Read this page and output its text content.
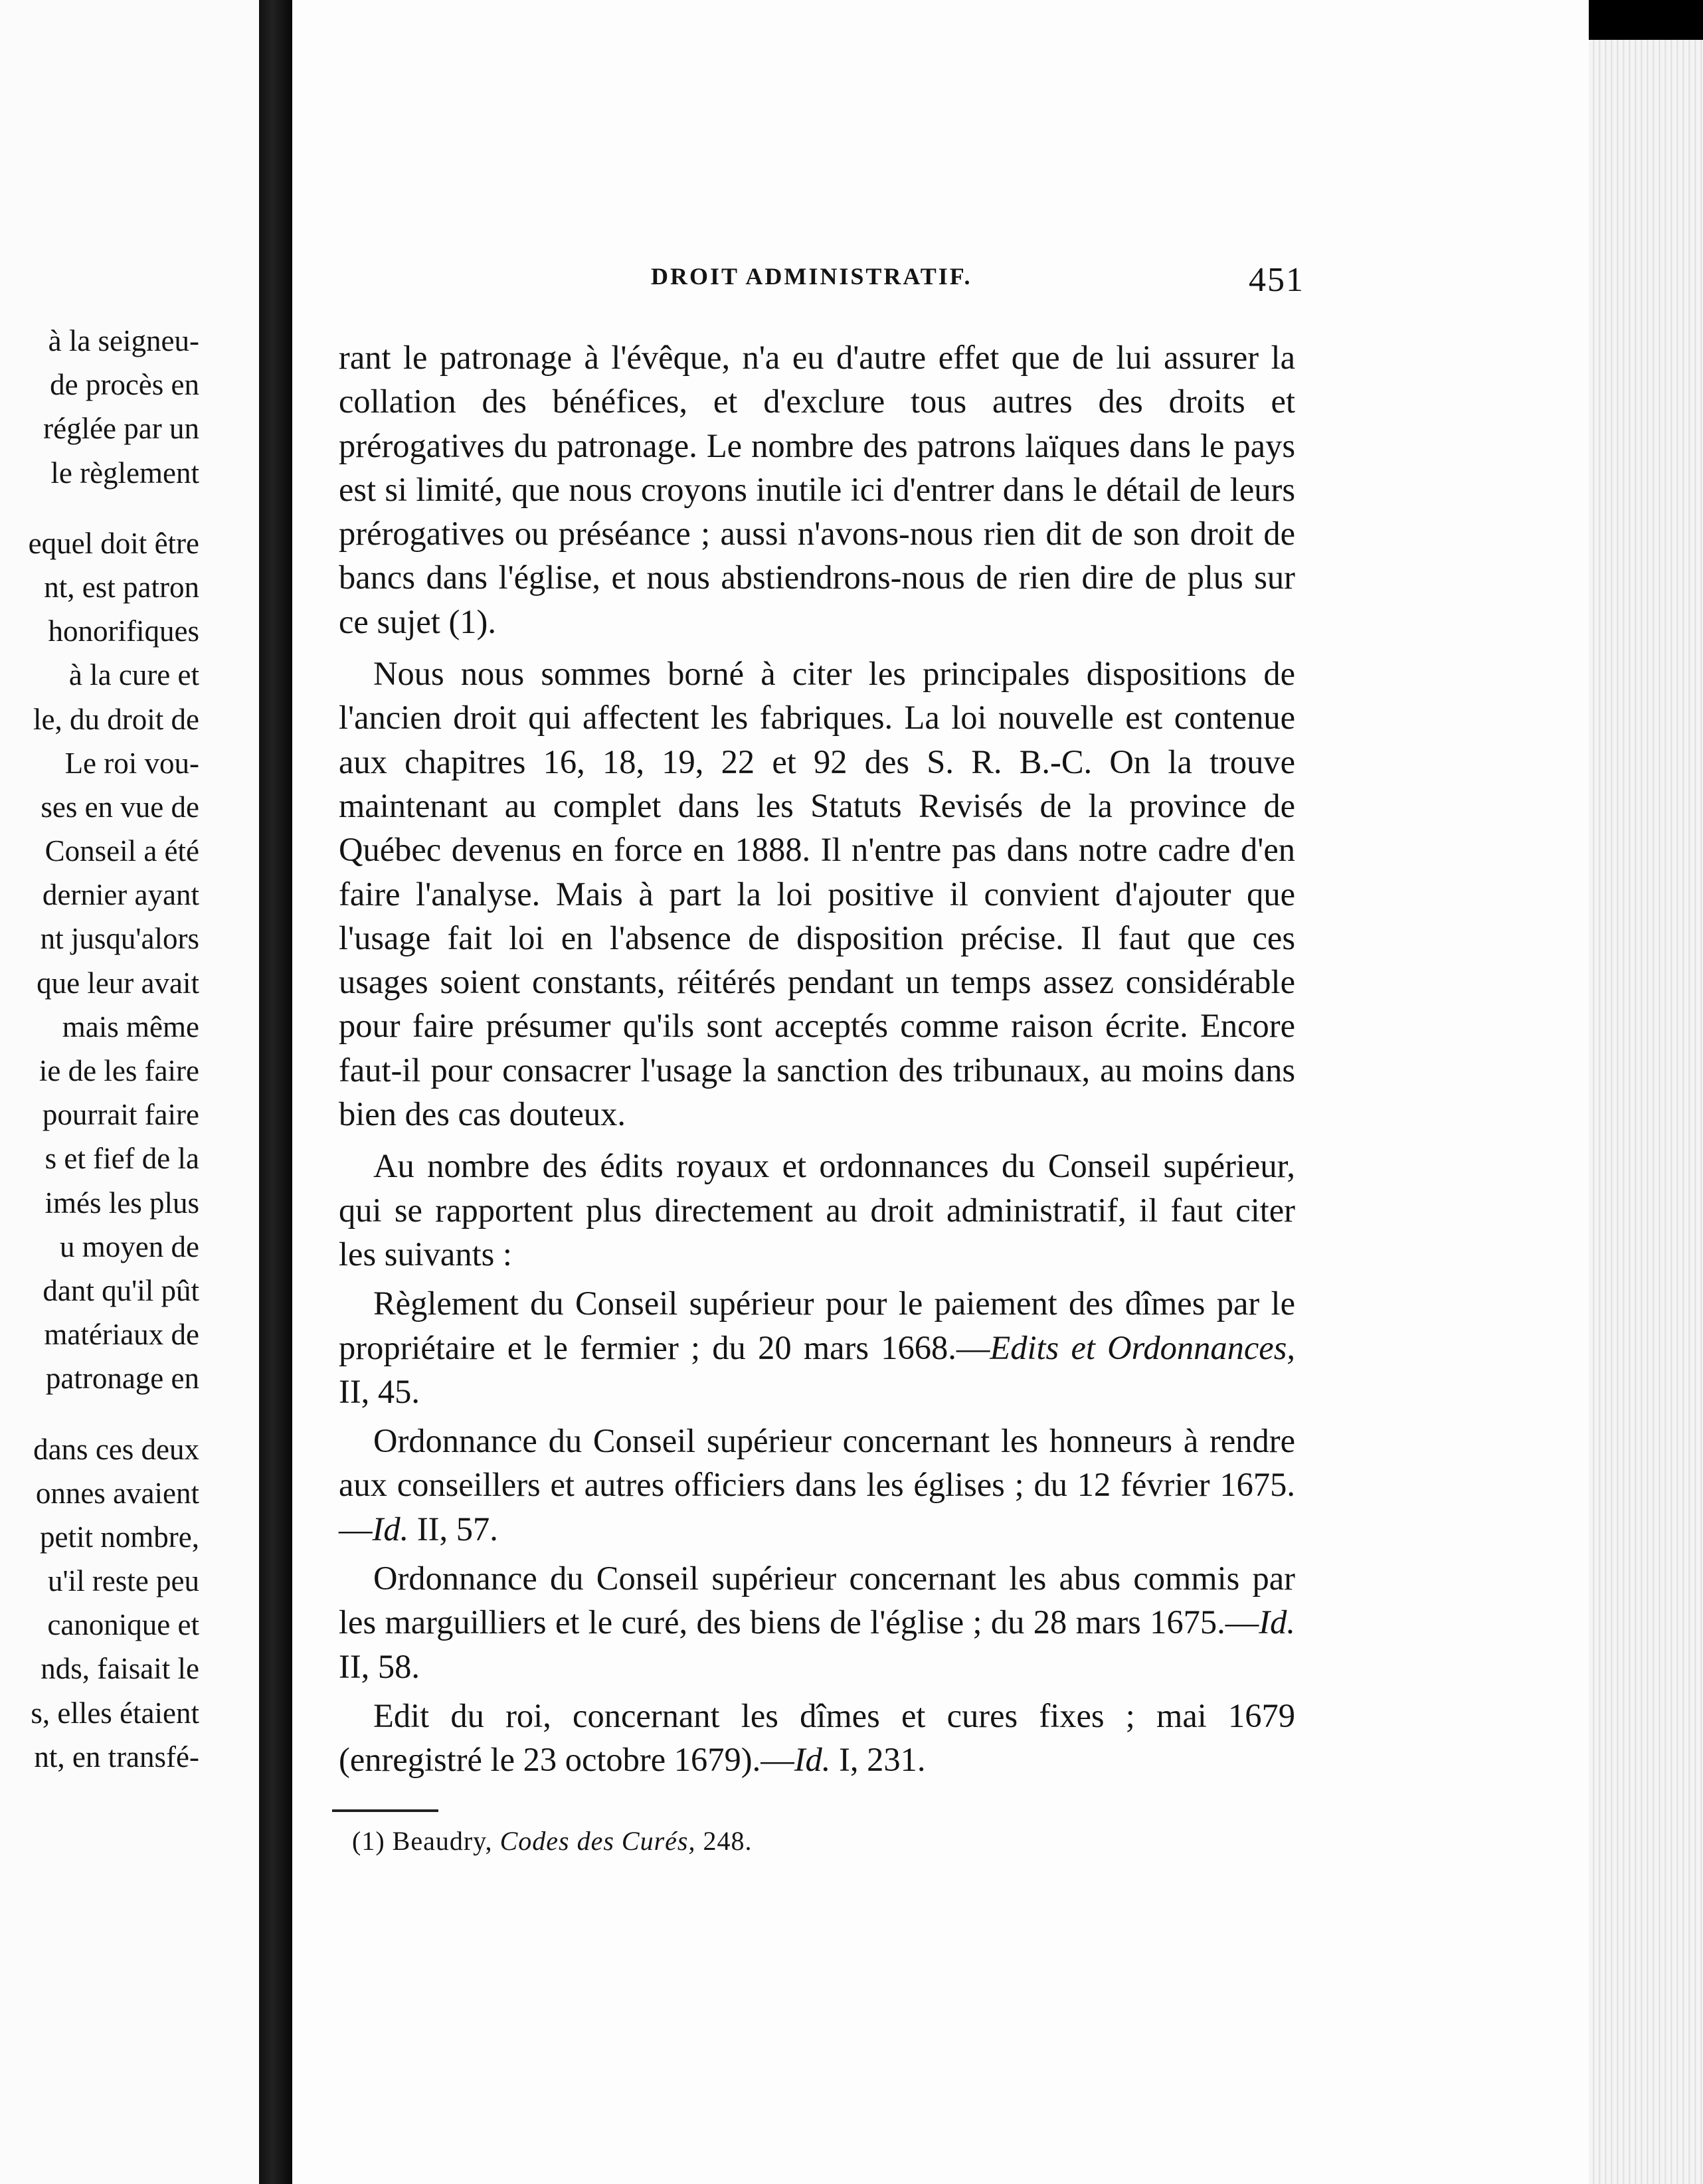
à la seigneu-
de procès en
réglée par un
le règlement
equel doit être
nt, est patron
honorifiques
à la cure et
le, du droit de
Le roi vou-
ses en vue de
Conseil a été
dernier ayant
nt jusqu'alors
que leur avait
mais même
ie de les faire
pourrait faire
s et fief de la
imés les plus
u moyen de
dant qu'il pût
matériaux de
patronage en
dans ces deux
onnes avaient
petit nombre,
u'il reste peu
canonique et
nds, faisait le
s, elles étaient
nt, en transfé-
DROIT ADMINISTRATIF.	451

rant le patronage à l'évêque, n'a eu d'autre effet que de lui assurer la collation des bénéfices, et d'exclure tous autres des droits et prérogatives du patronage. Le nombre des patrons laïques dans le pays est si limité, que nous croyons inutile ici d'entrer dans le détail de leurs prérogatives ou préséance ; aussi n'avons-nous rien dit de son droit de bancs dans l'église, et nous abstiendrons-nous de rien dire de plus sur ce sujet (1).

Nous nous sommes borné à citer les principales dispositions de l'ancien droit qui affectent les fabriques. La loi nouvelle est contenue aux chapitres 16, 18, 19, 22 et 92 des S. R. B.-C. On la trouve maintenant au complet dans les Statuts Revisés de la province de Québec devenus en force en 1888. Il n'entre pas dans notre cadre d'en faire l'analyse. Mais à part la loi positive il convient d'ajouter que l'usage fait loi en l'absence de disposition précise. Il faut que ces usages soient constants, réitérés pendant un temps assez considérable pour faire présumer qu'ils sont acceptés comme raison écrite. Encore faut-il pour consacrer l'usage la sanction des tribunaux, au moins dans bien des cas douteux.

Au nombre des édits royaux et ordonnances du Conseil supérieur, qui se rapportent plus directement au droit administratif, il faut citer les suivants :

Règlement du Conseil supérieur pour le paiement des dîmes par le propriétaire et le fermier ; du 20 mars 1668.—Edits et Ordonnances, II, 45.

Ordonnance du Conseil supérieur concernant les honneurs à rendre aux conseillers et autres officiers dans les églises ; du 12 février 1675.—Id. II, 57.

Ordonnance du Conseil supérieur concernant les abus commis par les marguilliers et le curé, des biens de l'église ; du 28 mars 1675.—Id. II, 58.

Edit du roi, concernant les dîmes et cures fixes ; mai 1679 (enregistré le 23 octobre 1679).—Id. I, 231.

(1) Beaudry, Codes des Curés, 248.
